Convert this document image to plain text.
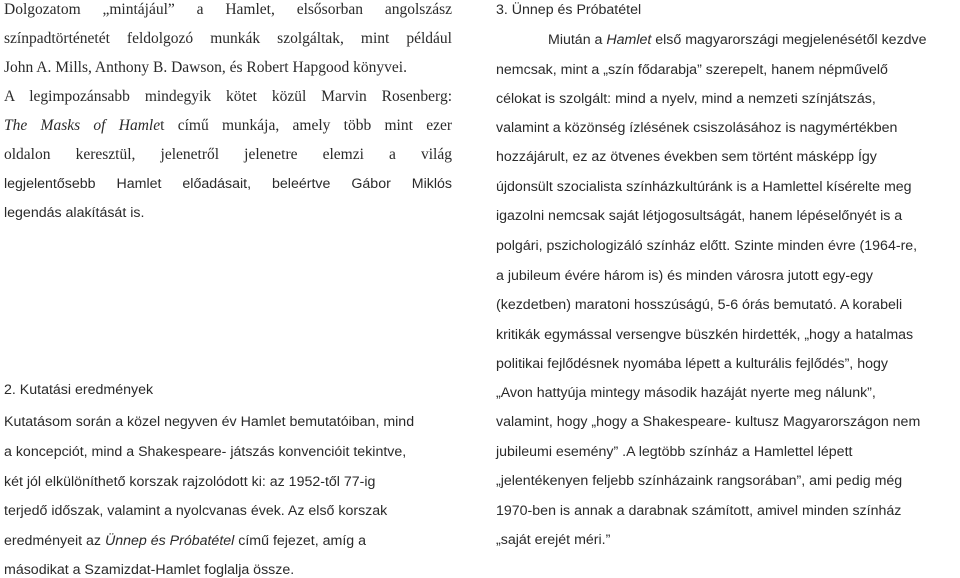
Dolgozatom „mintájául” a Hamlet, elsősorban angolszász
színpadtörténetét feldolgozó munkák szolgáltak, mint például
John A. Mills, Anthony B. Dawson, és Robert Hapgood könyvei.
A legimpozánsabb mindegyik kötet közül Marvin Rosenberg:
The Masks of Hamlet című munkája, amely több mint ezer
oldalon keresztül, jelenetről jelenetre elemzi a világ
legjelentősebb Hamlet előadásait, beleértve Gábor Miklós
legendás alakítását is.
2. Kutatási eredmények
Kutatásom során a közel negyven év Hamlet bemutatóiban, mind
a koncepciót, mind a Shakespeare- játszás konvencióit tekintve,
két jól elkülöníthető korszak rajzolódott ki: az 1952-től 77-ig
terjedő időszak, valamint a nyolcvanas évek. Az első korszak
eredményeit az Ünnep és Próbatétel című fejezet, amíg a
másodikat a Szamizdat-Hamlet foglalja össze.
3. Ünnep és Próbatétel
Miután a Hamlet első magyarországi megjelenésétől kezdve
nemcsak, mint a „szín fődarabja” szerepelt, hanem népművelő
célokat is szolgált: mind a nyelv, mind a nemzeti színjátszás,
valamint a közönség ízlésének csiszolásához is nagymértékben
hozzájárult, ez az ötvenes években sem történt másképp Így
újdonsült szocialista színházkultúránk is a Hamlettel kísérelte meg
igazolni nemcsak saját létjogosultságát, hanem lépéselőnyét is a
polgári, pszichologizáló színház előtt. Szinte minden évre (1964-re,
a jubileum évére három is) és minden városra jutott egy-egy
(kezdetben) maratoni hosszúságú, 5-6 órás bemutató. A korabeli
kritikák egymással versengve büszkén hirdették, „hogy a hatalmas
politikai fejlődésnek nyomába lépett a kulturális fejlődés”, hogy
„Avon hattyúja mintegy második hazáját nyerte meg nálunk”,
valamint, hogy „hogy a Shakespeare- kultusz Magyarországon nem
jubileumi esemény” .A legtöbb színház a Hamlettel lépett
„jelentékenyen feljebb színházaink rangsorában”, ami pedig még
1970-ben is annak a darabnak számított, amivel minden színház
„saját erejét méri.”
